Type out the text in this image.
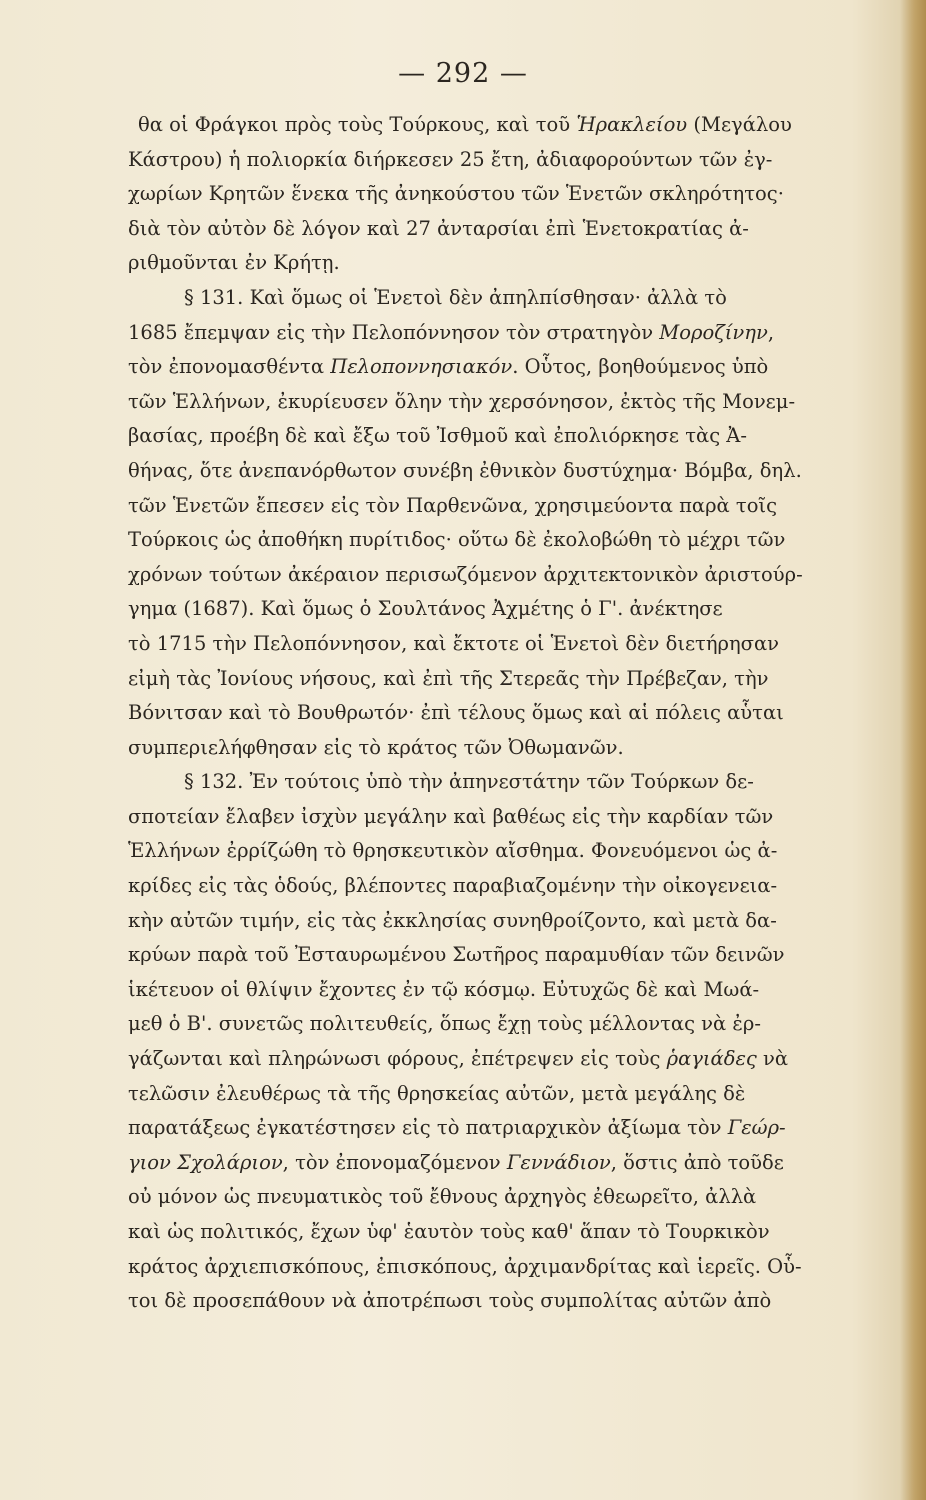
— 292 —
θα οἱ Φράγκοι πρὸς τοὺς Τούρκους, καὶ τοῦ Ἡρακλείου (Μεγάλου
Κάστρου) ἡ πολιορκία διήρκεσεν 25 ἔτη, ἀδιαφορούντων τῶν ἐγ-
χωρίων Κρητῶν ἕνεκα τῆς ἀνηκούστου τῶν Ἑνετῶν σκληρότητος·
διὰ τὸν αὐτὸν δὲ λόγον καὶ 27 ἀνταρσίαι ἐπὶ Ἑνετοκρατίας ἀ-
ριθμοῦνται ἐν Κρήτῃ.
§ 131. Καὶ ὅμως οἱ Ἑνετοὶ δὲν ἀπηλπίσθησαν· ἀλλὰ τὸ
1685 ἔπεμψαν εἰς τὴν Πελοπόννησον τὸν στρατηγὸν Μοροζίνην,
τὸν ἐπονομασθέντα Πελοποννησιακόν. Οὗτος, βοηθούμενος ὑπὸ
τῶν Ἑλλήνων, ἐκυρίευσεν ὅλην τὴν χερσόνησον, ἐκτὸς τῆς Μονεμ-
βασίας, προέβη δὲ καὶ ἔξω τοῦ Ἰσθμοῦ καὶ ἐπολιόρκησε τὰς Ἀ-
θήνας, ὅτε ἀνεπανόρθωτον συνέβη ἐθνικὸν δυστύχημα· Βόμβα, δηλ.
τῶν Ἑνετῶν ἔπεσεν εἰς τὸν Παρθενῶνα, χρησιμεύοντα παρὰ τοῖς
Τούρκοις ὡς ἀποθήκη πυρίτιδος· οὕτω δὲ ἐκολοβώθη τὸ μέχρι τῶν
χρόνων τούτων ἀκέραιον περισωζόμενον ἀρχιτεκτονικὸν ἀριστούρ-
γημα (1687). Καὶ ὅμως ὁ Σουλτάνος Ἀχμέτης ὁ Γ'. ἀνέκτησε
τὸ 1715 τὴν Πελοπόννησον, καὶ ἔκτοτε οἱ Ἑνετοὶ δὲν διετήρησαν
εἰμὴ τὰς Ἰονίους νήσους, καὶ ἐπὶ τῆς Στερεᾶς τὴν Πρέβεζαν, τὴν
Βόνιτσαν καὶ τὸ Βουθρωτόν· ἐπὶ τέλους ὅμως καὶ αἱ πόλεις αὗται
συμπεριελήφθησαν εἰς τὸ κράτος τῶν Ὀθωμανῶν.
§ 132. Ἐν τούτοις ὑπὸ τὴν ἀπηνεστάτην τῶν Τούρκων δε-
σποτείαν ἔλαβεν ἰσχὺν μεγάλην καὶ βαθέως εἰς τὴν καρδίαν τῶν
Ἑλλήνων ἐρρίζώθη τὸ θρησκευτικὸν αἴσθημα. Φονευόμενοι ὡς ἀ-
κρίδες εἰς τὰς ὁδούς, βλέποντες παραβιαζομένην τὴν οἰκογενεια-
κὴν αὐτῶν τιμήν, εἰς τὰς ἐκκλησίας συνηθροίζοντο, καὶ μετὰ δα-
κρύων παρὰ τοῦ Ἐσταυρωμένου Σωτῆρος παραμυθίαν τῶν δεινῶν
ἱκέτευον οἱ θλίψιν ἔχοντες ἐν τῷ κόσμῳ. Εὐτυχῶς δὲ καὶ Μωά-
μεθ ὁ Β'. συνετῶς πολιτευθείς, ὅπως ἔχῃ τοὺς μέλλοντας νὰ ἐρ-
γάζωνται καὶ πληρώνωσι φόρους, ἐπέτρεψεν εἰς τοὺς ῥαγιάδες νὰ
τελῶσιν ἐλευθέρως τὰ τῆς θρησκείας αὐτῶν, μετὰ μεγάλης δὲ
παρατάξεως ἐγκατέστησεν εἰς τὸ πατριαρχικὸν ἀξίωμα τὸν Γεώρ-
γιον Σχολάριον, τὸν ἐπονομαζόμενον Γεννάδιον, ὅστις ἀπὸ τοῦδε
οὐ μόνον ὡς πνευματικὸς τοῦ ἔθνους ἀρχηγὸς ἐθεωρεῖτο, ἀλλὰ
καὶ ὡς πολιτικός, ἔχων ὑφ' ἑαυτὸν τοὺς καθ' ἅπαν τὸ Τουρκικὸν
κράτος ἀρχιεπισκόπους, ἐπισκόπους, ἀρχιμανδρίτας καὶ ἱερεῖς. Οὗ-
τοι δὲ προσεπάθουν νὰ ἀποτρέπωσι τοὺς συμπολίτας αὐτῶν ἀπὸ
